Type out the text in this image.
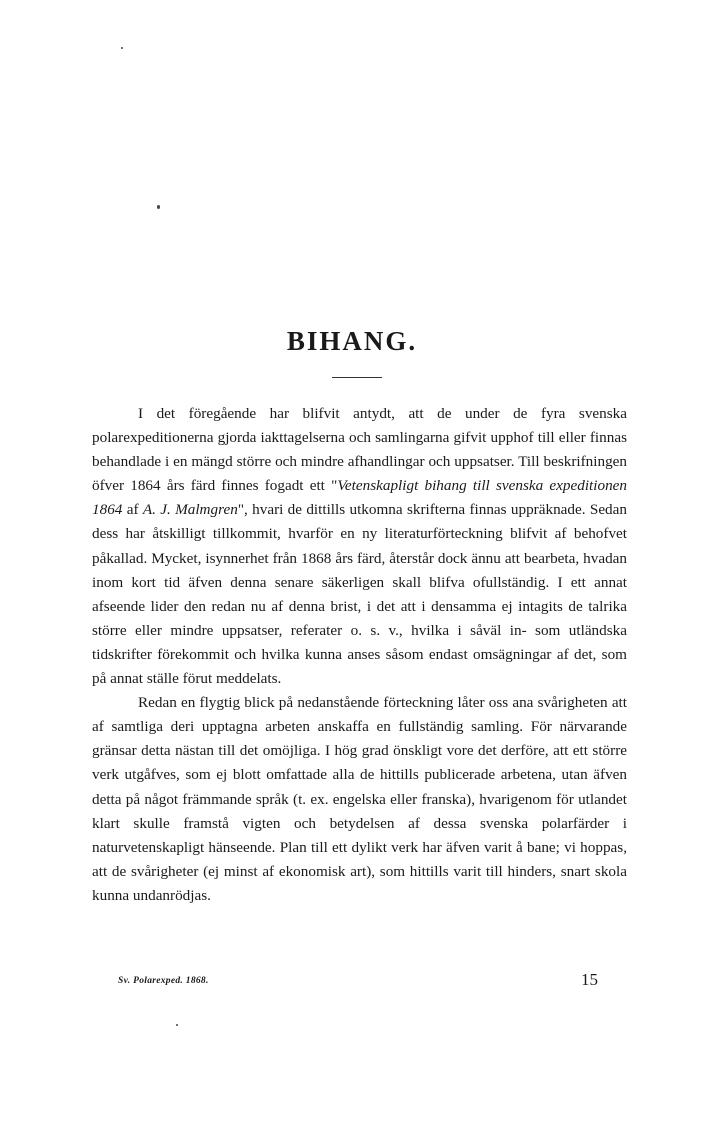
BIHANG.

I det föregående har blifvit antydt, att de under de fyra svenska polarexpeditionerna gjorda iakttagelserna och samlingarna gifvit upphof till eller finnas behandlade i en mängd större och mindre afhandlingar och uppsatser. Till beskrifningen öfver 1864 års färd finnes fogadt ett "Vetenskapligt bihang till svenska expeditionen 1864 af A. J. Malmgren", hvari de dittills utkomna skrifterna finnas uppräknade. Sedan dess har åtskilligt tillkommit, hvarför en ny literaturförteckning blifvit af behofvet påkallad. Mycket, isynnerhet från 1868 års färd, återstår dock ännu att bearbeta, hvadan inom kort tid äfven denna senare säkerligen skall blifva ofullständig. I ett annat afseende lider den redan nu af denna brist, i det att i densamma ej intagits de talrika större eller mindre uppsatser, referater o. s. v., hvilka i såväl in- som utländska tidskrifter förekommit och hvilka kunna anses såsom endast omsägningar af det, som på annat ställe förut meddelats.

Redan en flygtig blick på nedanstående förteckning låter oss ana svårigheten att af samtliga deri upptagna arbeten anskaffa en fullständig samling. För närvarande gränsar detta nästan till det omöjliga. I hög grad önskligt vore det derföre, att ett större verk utgåfves, som ej blott omfattade alla de hittills publicerade arbetena, utan äfven detta på något främmande språk (t. ex. engelska eller franska), hvarigenom för utlandet klart skulle framstå vigten och betydelsen af dessa svenska polarfärder i naturvetenskapligt hänseende. Plan till ett dylikt verk har äfven varit å bane; vi hoppas, att de svårigheter (ej minst af ekonomisk art), som hittills varit till hinders, snart skola kunna undanrödjas.

Sv. Polarexped. 1868.	15
